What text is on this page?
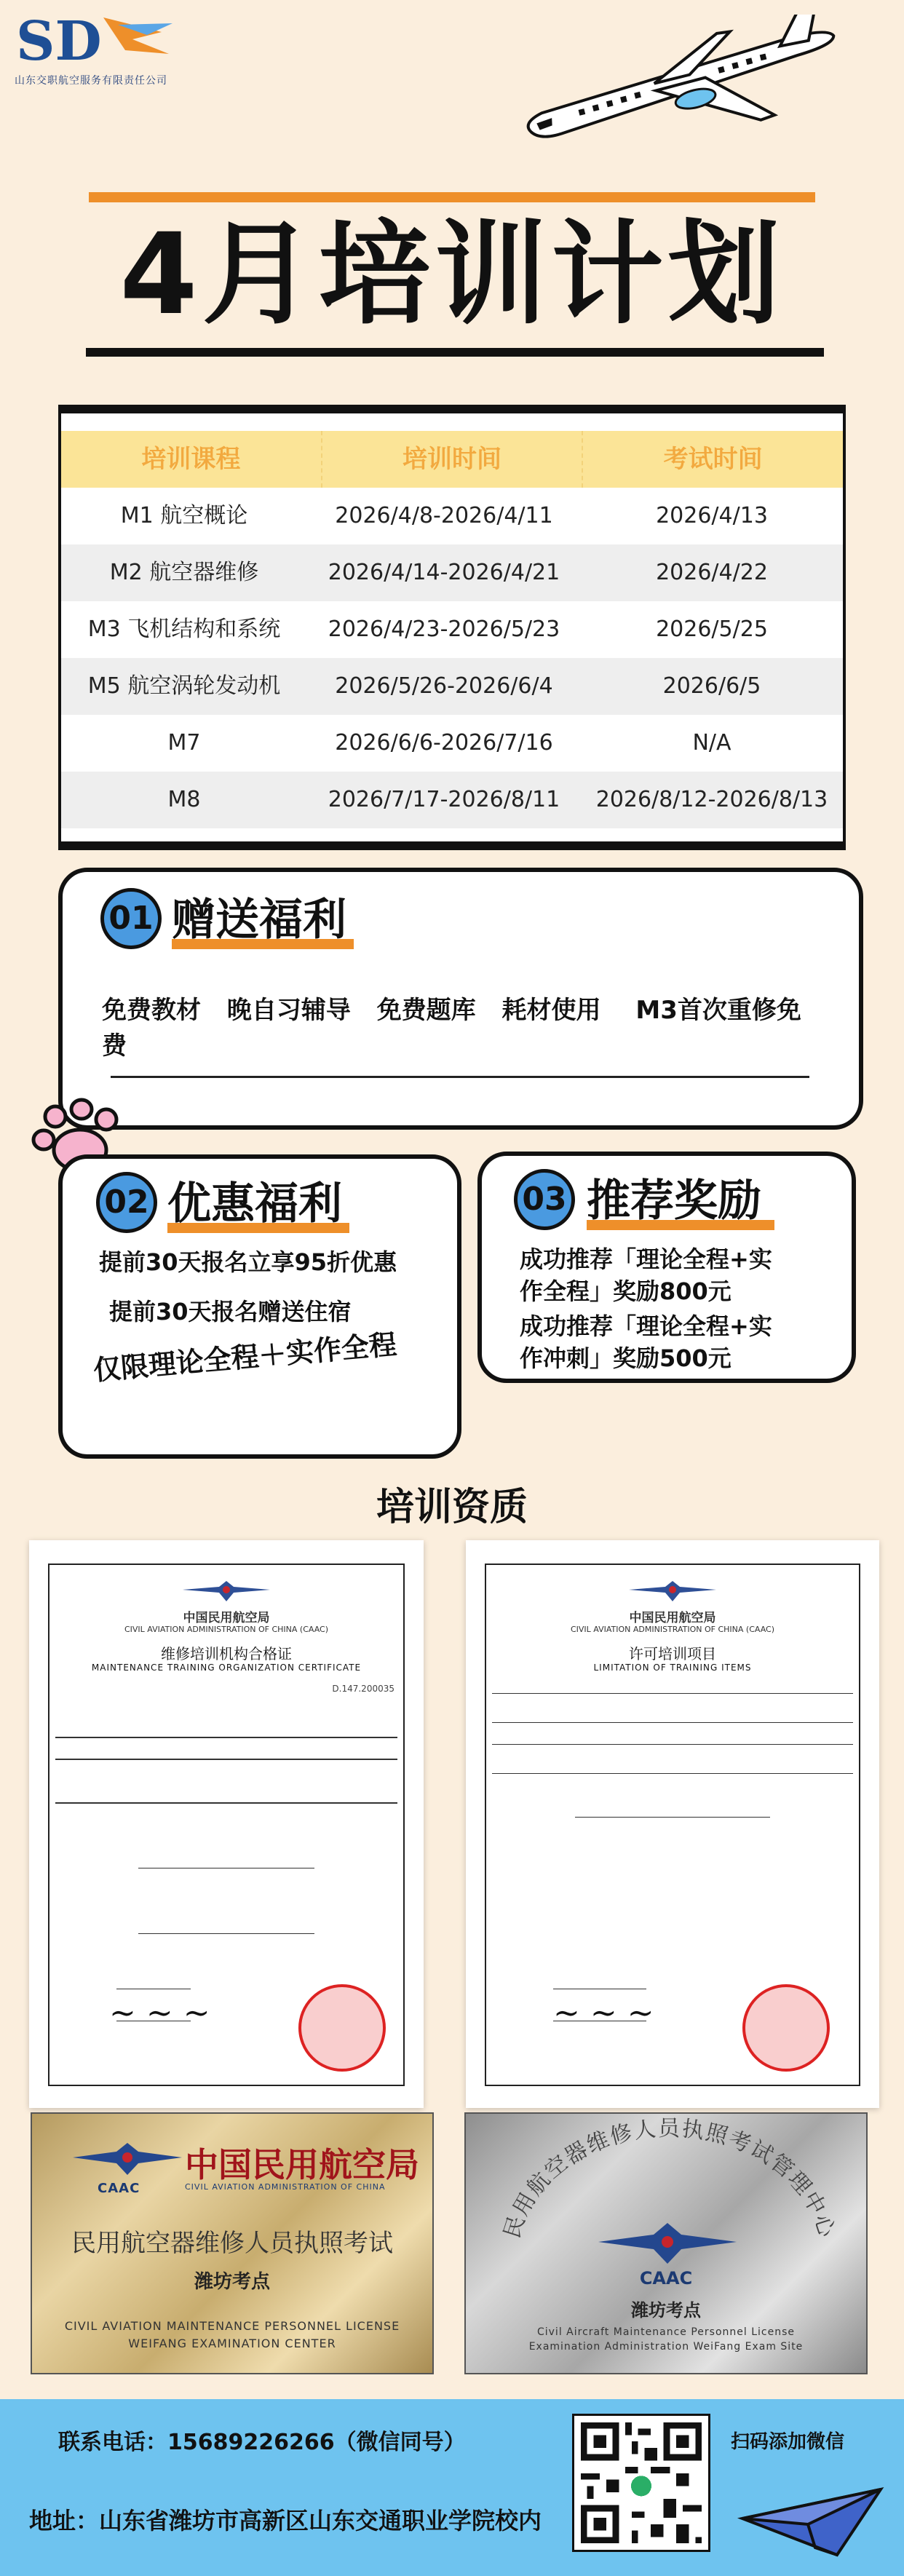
SD
山东交职航空服务有限责任公司
4月培训计划
培训课程	培训时间	考试时间
M1 航空概论	2026/4/8-2026/4/11	2026/4/13
M2 航空器维修	2026/4/14-2026/4/21	2026/4/22
M3 飞机结构和系统	2026/4/23-2026/5/23	2026/5/25
M5 航空涡轮发动机	2026/5/26-2026/6/4	2026/6/5
M7	2026/6/6-2026/7/16	N/A
M8	2026/7/17-2026/8/11	2026/8/12-2026/8/13
01 赠送福利
免费教材 晚自习辅导 免费题库 耗材使用 M3首次重修免费
02 优惠福利
提前30天报名立享95折优惠
提前30天报名赠送住宿
仅限理论全程＋实作全程
03 推荐奖励
成功推荐「理论全程+实
作全程」奖励800元
成功推荐「理论全程+实
作冲刺」奖励500元
培训资质
中国民用航空局
CIVIL AVIATION ADMINISTRATION OF CHINA (CAAC)
维修培训机构合格证
MAINTENANCE TRAINING ORGANIZATION CERTIFICATE
D.147.200035
~ ~ ~
中国民用航空局
CIVIL AVIATION ADMINISTRATION OF CHINA (CAAC)
许可培训项目
LIMITATION OF TRAINING ITEMS
~ ~ ~
中国民用航空局
CAAC	CIVIL AVIATION ADMINISTRATION OF CHINA
民用航空器维修人员执照考试
潍坊考点
CIVIL AVIATION MAINTENANCE PERSONNEL LICENSE
WEIFANG EXAMINATION CENTER
民用航空器维修人员执照考试管理中心
CAAC
潍坊考点
Civil Aircraft Maintenance Personnel License
Examination Administration WeiFang Exam Site
联系电话：15689226266（微信同号）	扫码添加微信
地址：山东省潍坊市高新区山东交通职业学院校内
